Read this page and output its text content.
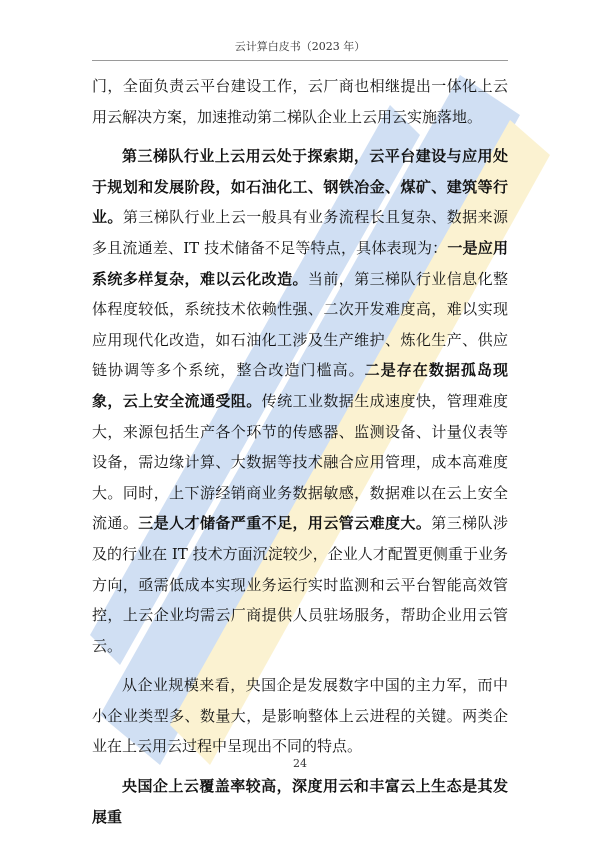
云计算白皮书（2023 年）

门，全面负责云平台建设工作，云厂商也相继提出一体化上云用云解决方案，加速推动第二梯队企业上云用云实施落地。

第三梯队行业上云用云处于探索期，云平台建设与应用处于规划和发展阶段，如石油化工、钢铁冶金、煤矿、建筑等行业。第三梯队行业上云一般具有业务流程长且复杂、数据来源多且流通差、IT 技术储备不足等特点，具体表现为：一是应用系统多样复杂，难以云化改造。当前，第三梯队行业信息化整体程度较低，系统技术依赖性强、二次开发难度高，难以实现应用现代化改造，如石油化工涉及生产维护、炼化生产、供应链协调等多个系统，整合改造门槛高。二是存在数据孤岛现象，云上安全流通受阻。传统工业数据生成速度快，管理难度大，来源包括生产各个环节的传感器、监测设备、计量仪表等设备，需边缘计算、大数据等技术融合应用管理，成本高难度大。同时，上下游经销商业务数据敏感，数据难以在云上安全流通。三是人才储备严重不足，用云管云难度大。第三梯队涉及的行业在 IT 技术方面沉淀较少，企业人才配置更侧重于业务方向，亟需低成本实现业务运行实时监测和云平台智能高效管控，上云企业均需云厂商提供人员驻场服务，帮助企业用云管云。

从企业规模来看，央国企是发展数字中国的主力军，而中小企业类型多、数量大，是影响整体上云进程的关键。两类企业在上云用云过程中呈现出不同的特点。

央国企上云覆盖率较高，深度用云和丰富云上生态是其发展重

24
